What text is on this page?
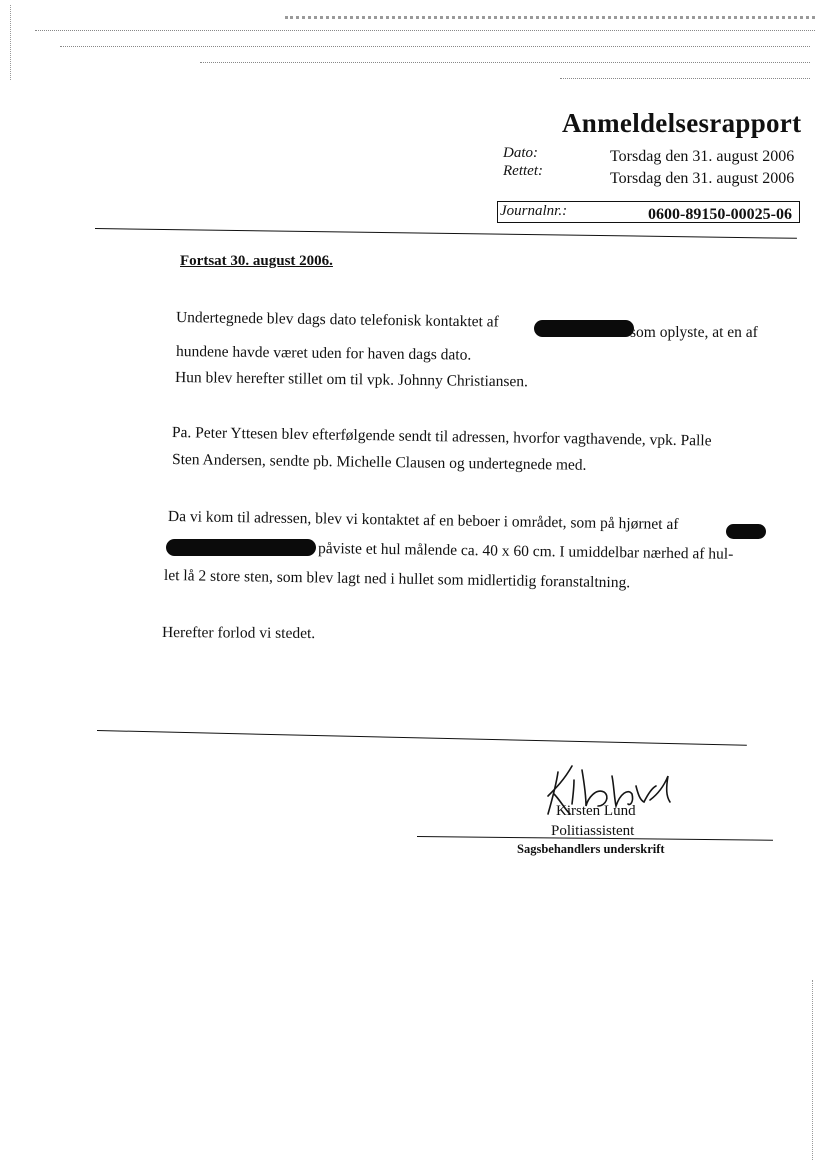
Anmeldelsesrapport
Dato:	Torsdag den 31. august 2006
Rettet:	Torsdag den 31. august 2006
Journalnr.:	0600-89150-00025-06
Fortsat 30. august 2006.
Undertegnede blev dags dato telefonisk kontaktet af
som oplyste, at en af
hundene havde været uden for haven dags dato.
Hun blev herefter stillet om til vpk. Johnny Christiansen.
Pa. Peter Yttesen blev efterfølgende sendt til adressen, hvorfor vagthavende, vpk. Palle
Sten Andersen, sendte pb. Michelle Clausen og undertegnede med.
Da vi kom til adressen, blev vi kontaktet af en beboer i området, som på hjørnet af
påviste et hul målende ca. 40 x 60 cm. I umiddelbar nærhed af hul-
let lå 2 store sten, som blev lagt ned i hullet som midlertidig foranstaltning.
Herefter forlod vi stedet.
Kirsten Lund
Politiassistent
Sagsbehandlers underskrift
